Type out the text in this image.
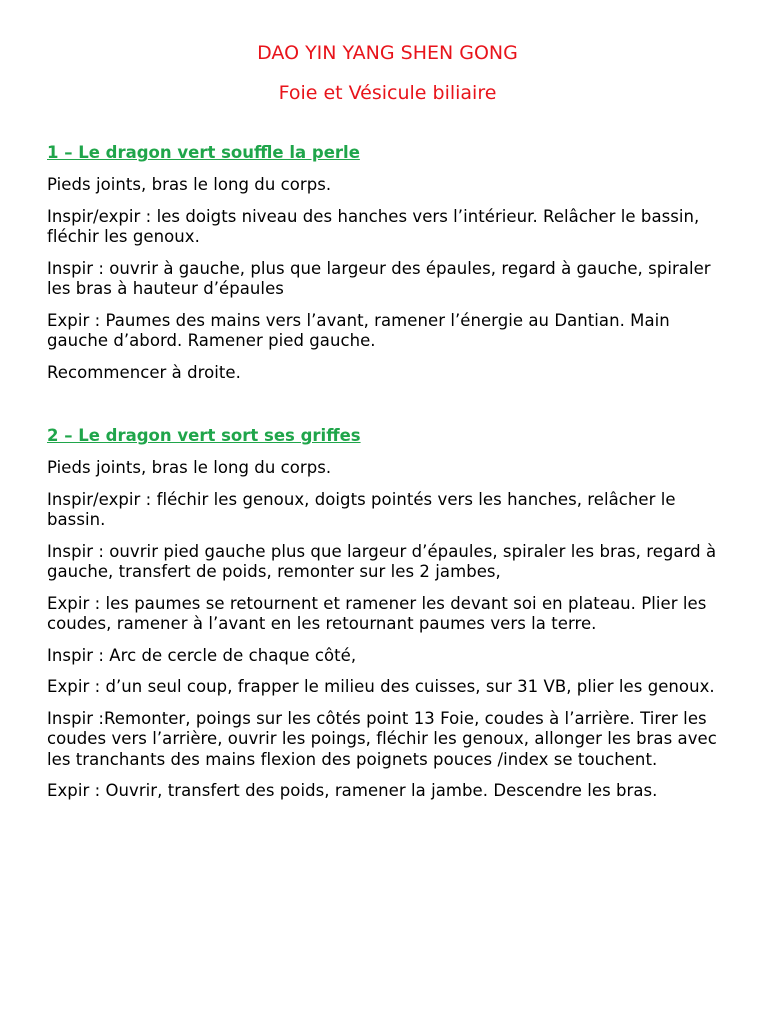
DAO YIN YANG SHEN GONG
Foie et Vésicule biliaire
1 – Le dragon vert souffle la perle

Pieds joints, bras le long du corps.

Inspir/expir : les doigts niveau des hanches vers l’intérieur. Relâcher le bassin, fléchir les genoux.

Inspir : ouvrir à gauche, plus que largeur des épaules, regard à gauche, spiraler les bras à hauteur d’épaules

Expir : Paumes des mains vers l’avant, ramener l’énergie au Dantian. Main gauche d’abord. Ramener pied gauche.

Recommencer à droite.

2 – Le dragon vert sort ses griffes

Pieds joints, bras le long du corps.

Inspir/expir : fléchir les genoux, doigts pointés vers les hanches, relâcher le bassin.

Inspir : ouvrir pied gauche plus que largeur d’épaules, spiraler les bras, regard à gauche, transfert de poids, remonter sur les 2 jambes,

Expir : les paumes se retournent et ramener les devant soi en plateau. Plier les coudes, ramener à l’avant en les retournant paumes vers la terre.

Inspir : Arc de cercle de chaque côté,

Expir : d’un seul coup, frapper le milieu des cuisses, sur 31 VB, plier les genoux.

Inspir :Remonter, poings sur les côtés point 13 Foie, coudes à l’arrière. Tirer les coudes vers l’arrière, ouvrir les poings, fléchir les genoux, allonger les bras avec les tranchants des mains flexion des poignets pouces /index se touchent.

Expir : Ouvrir, transfert des poids, ramener la jambe. Descendre les bras.
